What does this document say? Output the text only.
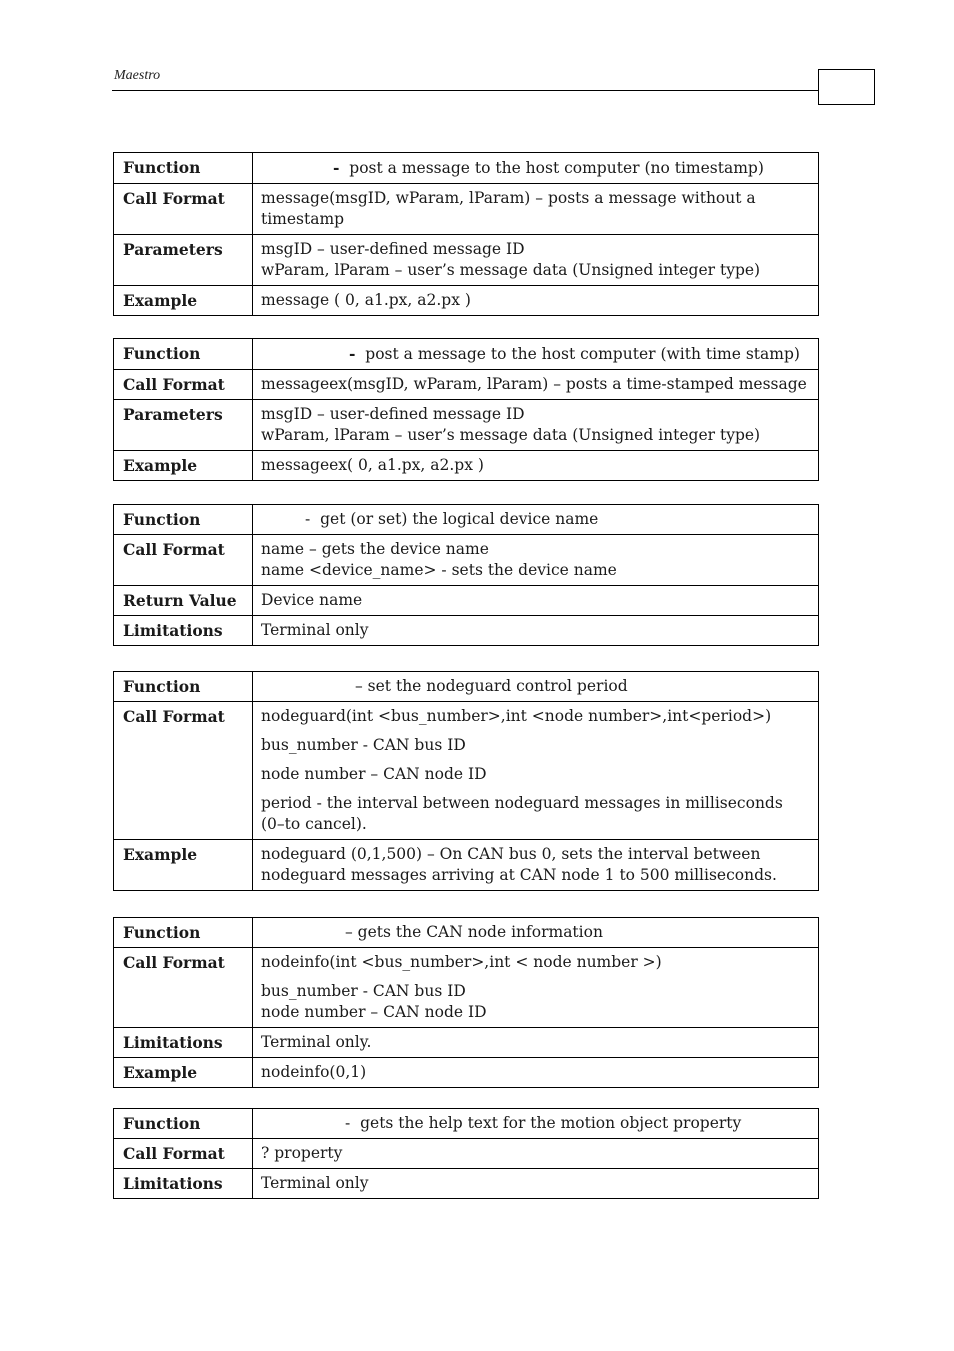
Maestro
Function	- post a message to the host computer (no timestamp)
Call Format	message(msgID, wParam, lParam) – posts a message without a timestamp
Parameters	msgID – user-defined message ID
wParam, lParam – user’s message data (Unsigned integer type)
Example	message ( 0, a1.px, a2.px )
Function	- post a message to the host computer (with time stamp)
Call Format	messageex(msgID, wParam, lParam) – posts a time-stamped message
Parameters	msgID – user-defined message ID
wParam, lParam – user’s message data (Unsigned integer type)
Example	messageex( 0, a1.px, a2.px )
Function	-  get (or set) the logical device name
Call Format	name – gets the device name
name <device_name> - sets the device name
Return Value	Device name
Limitations	Terminal only
Function	– set the nodeguard control period
Call Format	nodeguard(int <bus_number>,int <node number>,int<period>)

bus_number - CAN bus ID

node number – CAN node ID

period - the interval between nodeguard messages in milliseconds (0–to cancel).

Example	nodeguard (0,1,500) – On CAN bus 0, sets the interval between nodeguard messages arriving at CAN node 1 to 500 milliseconds.
Function	– gets the CAN node information
Call Format	nodeinfo(int <bus_number>,int < node number >)

bus_number - CAN bus ID
node number – CAN node ID

Limitations	Terminal only.
Example	nodeinfo(0,1)
Function	-  gets the help text for the motion object property
Call Format	? property
Limitations	Terminal only
